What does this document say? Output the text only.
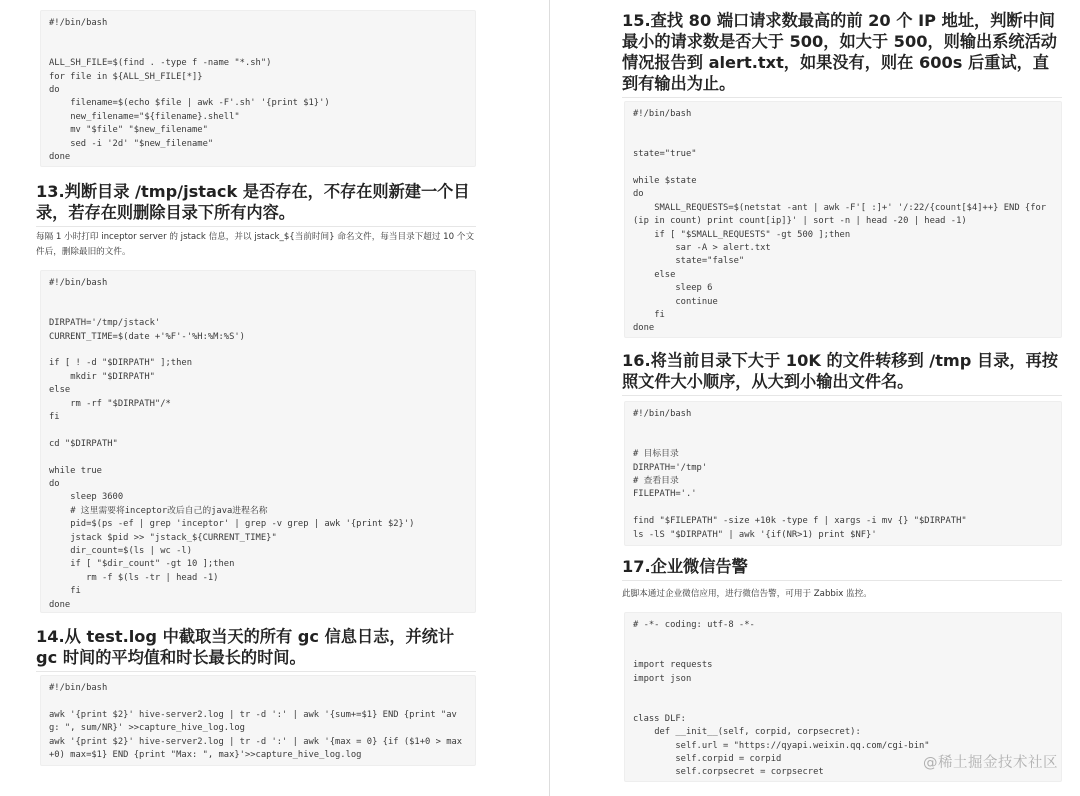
#!/bin/bash
ALL_SH_FILE=$(find . -type f -name "*.sh")
for file in ${ALL_SH_FILE[*]}
do
filename=$(echo $file | awk -F'.sh' '{print $1}')
new_filename="${filename}.shell"
mv "$file" "$new_filename"
sed -i '2d' "$new_filename"
done
13.判断目录 /tmp/jstack 是否存在，不存在则新建一个目录，若存在则删除目录下所有内容。
每隔 1 小时打印 inceptor server 的 jstack 信息，并以 jstack_${当前时间} 命名文件，每当目录下超过 10 个文件后，删除最旧的文件。
#!/bin/bash
DIRPATH='/tmp/jstack'
CURRENT_TIME=$(date +'%F'-'%H:%M:%S')
if [ ! -d "$DIRPATH" ];then
mkdir "$DIRPATH"
else
rm -rf "$DIRPATH"/*
fi
cd "$DIRPATH"
while true
do
sleep 3600
# 这里需要将inceptor改后自己的java进程名称
pid=$(ps -ef | grep 'inceptor' | grep -v grep | awk '{print $2}')
jstack $pid >> "jstack_${CURRENT_TIME}"
dir_count=$(ls | wc -l)
if [ "$dir_count" -gt 10 ];then
rm -f $(ls -tr | head -1)
fi
done
14.从 test.log 中截取当天的所有 gc 信息日志，并统计 gc 时间的平均值和时长最长的时间。
#!/bin/bash
awk '{print $2}' hive-server2.log | tr -d ':' | awk '{sum+=$1} END {print "avg: ", sum/NR}' >>capture_hive_log.log
awk '{print $2}' hive-server2.log | tr -d ':' | awk '{max = 0} {if ($1+0 > max+0) max=$1} END {print "Max: ", max}'>>capture_hive_log.log
15.查找 80 端口请求数最高的前 20 个 IP 地址，判断中间最小的请求数是否大于 500，如大于 500，则输出系统活动情况报告到 alert.txt，如果没有，则在 600s 后重试，直到有输出为止。
#!/bin/bash
state="true"
while $state
do
SMALL_REQUESTS=$(netstat -ant | awk -F'[ :]+' '/:22/{count[$4]++} END {for(ip in count) print count[ip]}' | sort -n | head -20 | head -1)
if [ "$SMALL_REQUESTS" -gt 500 ];then
sar -A > alert.txt
state="false"
else
sleep 6
continue
fi
done
16.将当前目录下大于 10K 的文件转移到 /tmp 目录，再按照文件大小顺序，从大到小输出文件名。
#!/bin/bash
# 目标目录
DIRPATH='/tmp'
# 查看目录
FILEPATH='.'
find "$FILEPATH" -size +10k -type f | xargs -i mv {} "$DIRPATH"
ls -lS "$DIRPATH" | awk '{if(NR>1) print $NF}'
17.企业微信告警
此脚本通过企业微信应用，进行微信告警，可用于 Zabbix 监控。
# -*- coding: utf-8 -*-
import requests
import json
class DLF:
def __init__(self, corpid, corpsecret):
self.url = "https://qyapi.weixin.qq.com/cgi-bin"
self.corpid = corpid
self.corpsecret = corpsecret
@稀土掘金技术社区
